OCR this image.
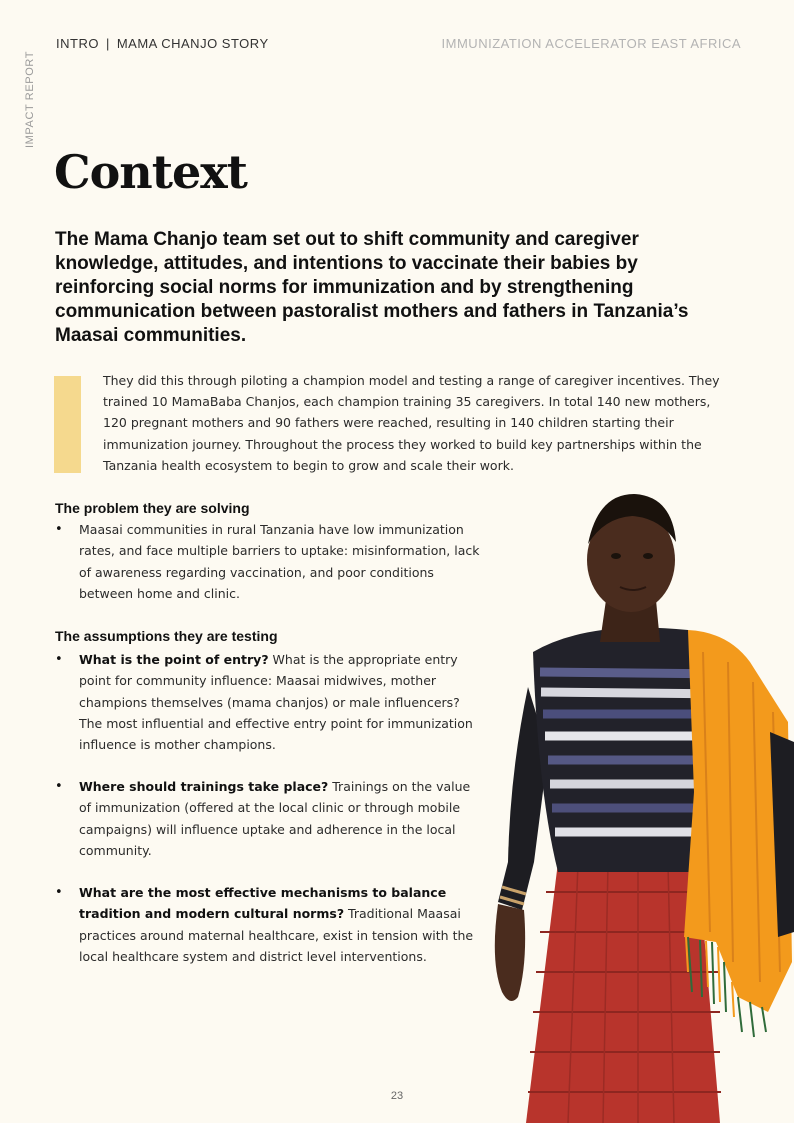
IMPACT REPORT
INTRO | MAMA CHANJO STORY	IMMUNIZATION ACCELERATOR EAST AFRICA
Context

The Mama Chanjo team set out to shift community and caregiver knowledge, attitudes, and intentions to vaccinate their babies by reinforcing social norms for immunization and by strengthening communication between pastoralist mothers and fathers in Tanzania’s Maasai communities.

They did this through piloting a champion model and testing a range of caregiver incentives. They trained 10 MamaBaba Chanjos, each champion training 35 caregivers. In total 140 new mothers, 120 pregnant mothers and 90 fathers were reached, resulting in 140 children starting their immunization journey. Throughout the process they worked to build key partnerships within the Tanzania health ecosystem to begin to grow and scale their work.

The problem they are solving
•	Maasai communities in rural Tanzania have low immunization rates, and face multiple barriers to uptake: misinformation, lack of awareness regarding vaccination, and poor conditions between home and clinic.
The assumptions they are testing
•	What is the point of entry? What is the appropriate entry point for community influence: Maasai midwives, mother champions themselves (mama chanjos) or male influencers? The most influential and effective entry point for immunization influence is mother champions.
•	Where should trainings take place? Trainings on the value of immunization (offered at the local clinic or through mobile campaigns) will influence uptake and adherence in the local community.
•	What are the most effective mechanisms to balance tradition and modern cultural norms? Traditional Maasai practices around maternal healthcare, exist in tension with the local healthcare system and district level interventions.
23
